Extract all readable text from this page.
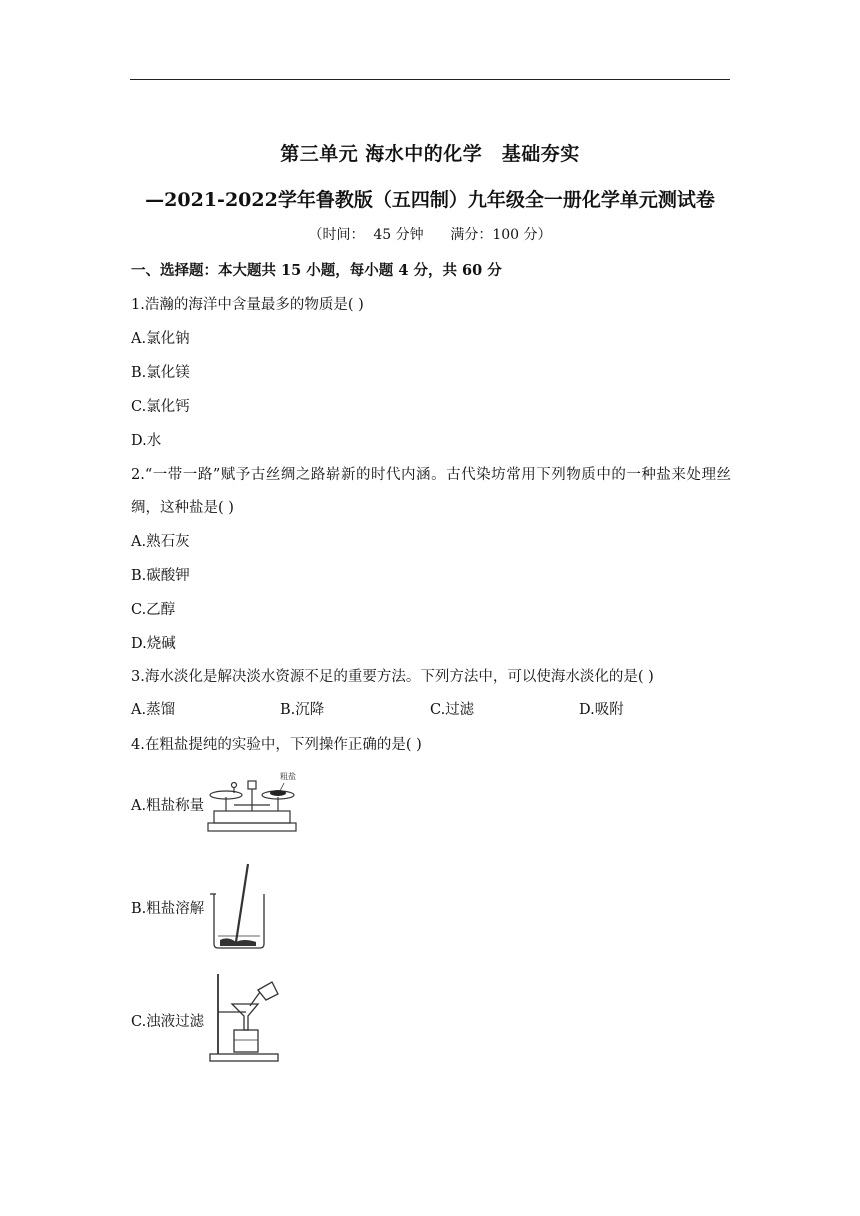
第三单元 海水中的化学　基础夯实
—2021-2022学年鲁教版（五四制）九年级全一册化学单元测试卷
（时间：  45 分钟      满分：100 分）
一、选择题：本大题共 15 小题，每小题 4 分，共 60 分
1.浩瀚的海洋中含量最多的物质是( )
A.氯化钠
B.氯化镁
C.氯化钙
D.水
2.“一带一路”赋予古丝绸之路崭新的时代内涵。古代染坊常用下列物质中的一种盐来处理丝
绸，这种盐是( )
A.熟石灰
B.碳酸钾
C.乙醇
D.烧碱
3.海水淡化是解决淡水资源不足的重要方法。下列方法中，可以使海水淡化的是( )
A.蒸馏	B.沉降	C.过滤	D.吸附
4.在粗盐提纯的实验中，下列操作正确的是( )
A.粗盐称量
粗盐
B.粗盐溶解
C.浊液过滤
